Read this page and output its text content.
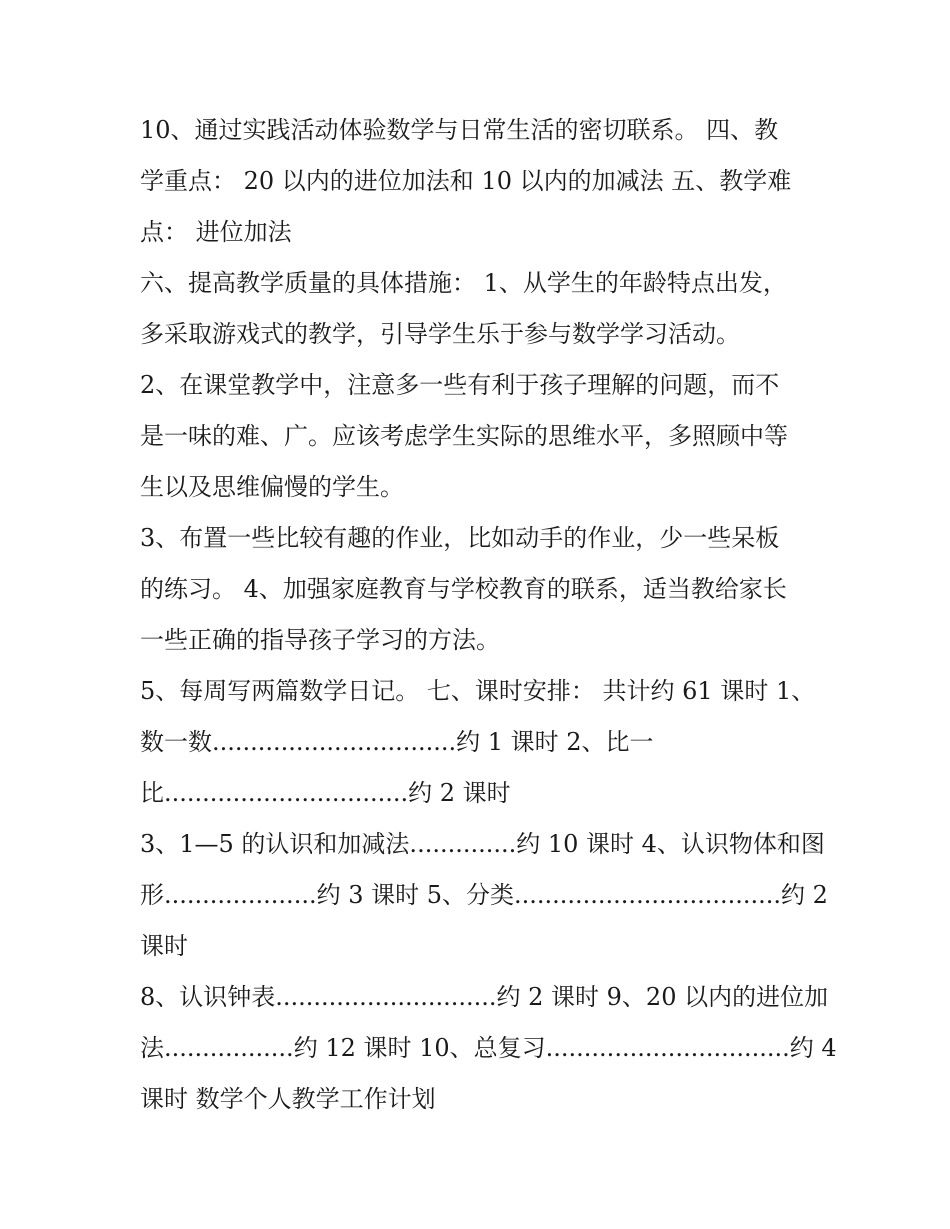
10、通过实践活动体验数学与日常生活的密切联系。 四、教
学重点： 20 以内的进位加法和 10 以内的加减法 五、教学难
点： 进位加法
六、提高教学质量的具体措施： 1、从学生的年龄特点出发，
多采取游戏式的教学，引导学生乐于参与数学学习活动。
2、在课堂教学中，注意多一些有利于孩子理解的问题，而不
是一味的难、广。应该考虑学生实际的思维水平，多照顾中等
生以及思维偏慢的学生。
3、布置一些比较有趣的作业，比如动手的作业，少一些呆板
的练习。 4、加强家庭教育与学校教育的联系，适当教给家长
一些正确的指导孩子学习的方法。
5、每周写两篇数学日记。 七、课时安排： 共计约 61 课时 1、
数一数................................约 1 课时 2、比一
比................................约 2 课时
3、1—5 的认识和加减法..............约 10 课时 4、认识物体和图
形....................约 3 课时 5、分类...................................约 2
课时
8、认识钟表.............................约 2 课时 9、20 以内的进位加
法.................约 12 课时 10、总复习................................约 4
课时 数学个人教学工作计划
